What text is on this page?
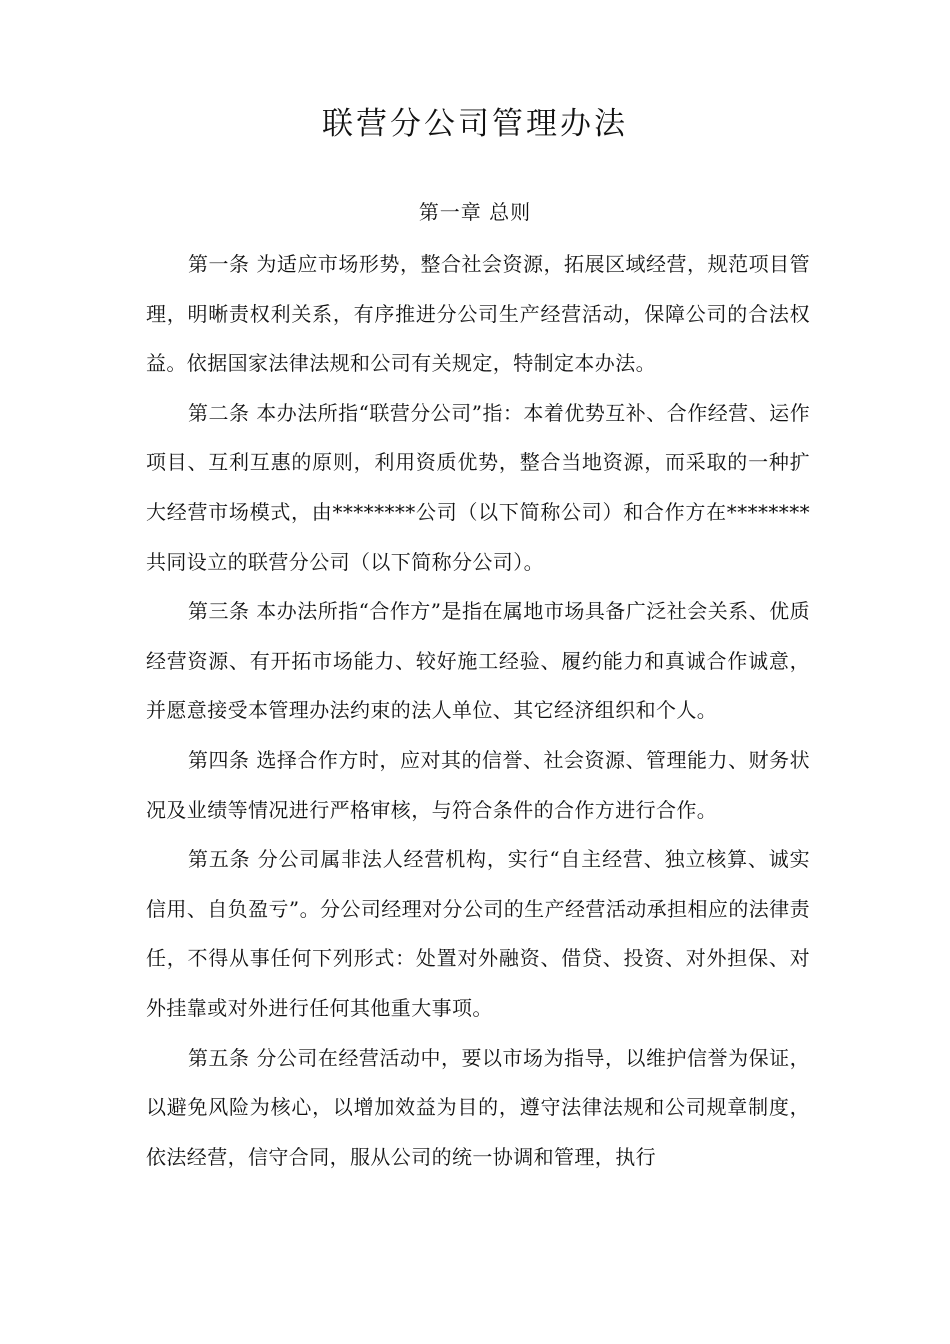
联营分公司管理办法
第一章 总则

第一条 为适应市场形势，整合社会资源，拓展区域经营，规范项目管理，明晰责权利关系，有序推进分公司生产经营活动，保障公司的合法权益。依据国家法律法规和公司有关规定，特制定本办法。

第二条 本办法所指“联营分公司”指：本着优势互补、合作经营、运作项目、互利互惠的原则，利用资质优势，整合当地资源，而采取的一种扩大经营市场模式，由********公司（以下简称公司）和合作方在********共同设立的联营分公司（以下简称分公司）。

第三条 本办法所指“合作方”是指在属地市场具备广泛社会关系、优质经营资源、有开拓市场能力、较好施工经验、履约能力和真诚合作诚意，并愿意接受本管理办法约束的法人单位、其它经济组织和个人。

第四条 选择合作方时，应对其的信誉、社会资源、管理能力、财务状况及业绩等情况进行严格审核，与符合条件的合作方进行合作。

第五条 分公司属非法人经营机构，实行“自主经营、独立核算、诚实信用、自负盈亏”。分公司经理对分公司的生产经营活动承担相应的法律责任，不得从事任何下列形式：处置对外融资、借贷、投资、对外担保、对外挂靠或对外进行任何其他重大事项。

第五条 分公司在经营活动中，要以市场为指导，以维护信誉为保证，以避免风险为核心，以增加效益为目的，遵守法律法规和公司规章制度，依法经营，信守合同，服从公司的统一协调和管理，执行
